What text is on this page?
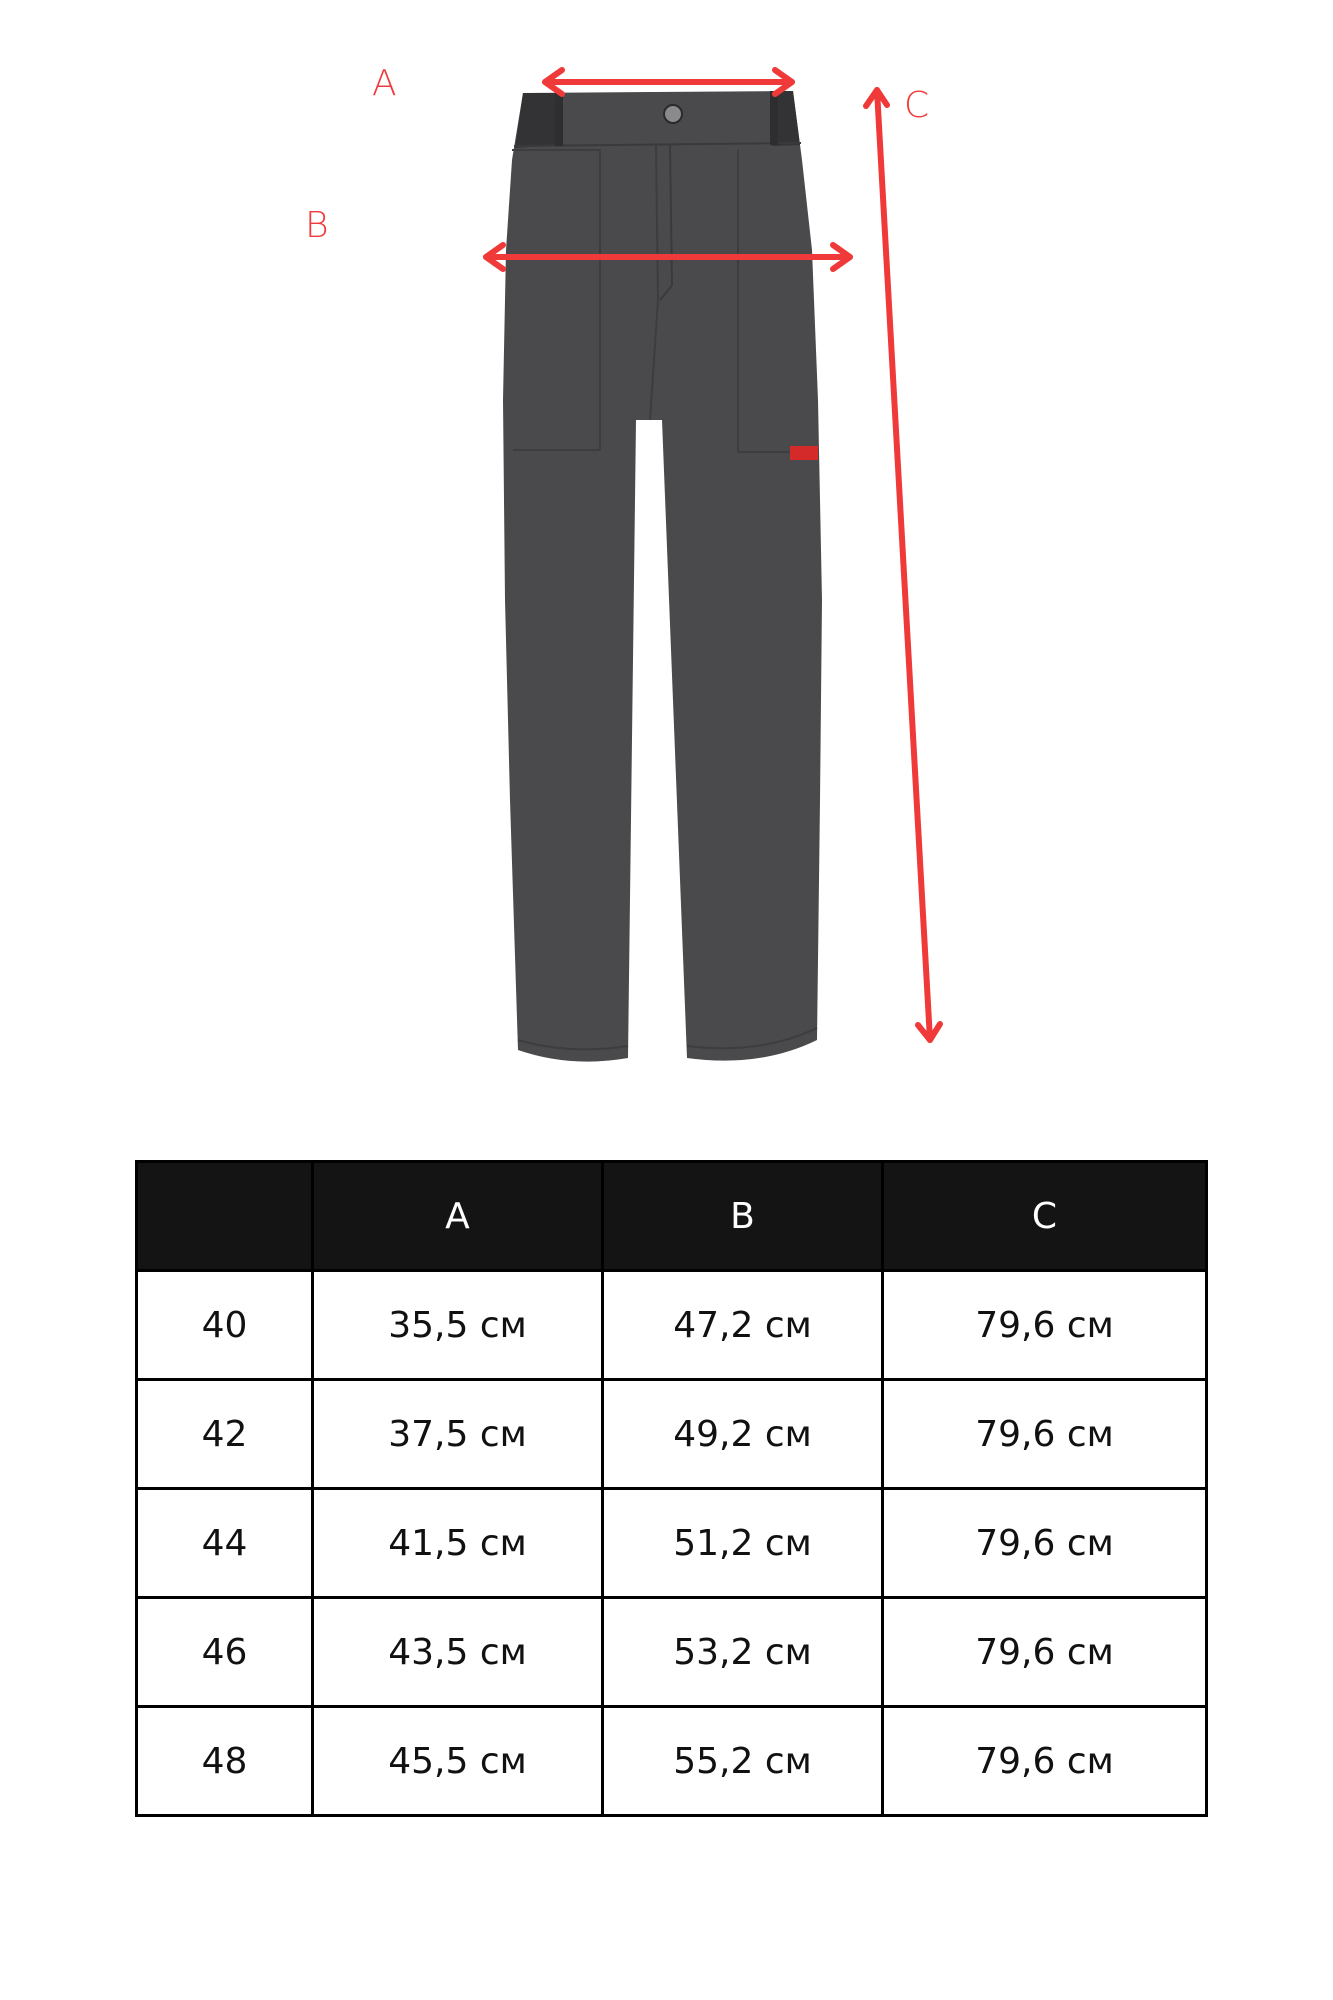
A
B
C
	A	B	C
40	35,5 см	47,2 см	79,6 см
42	37,5 см	49,2 см	79,6 см
44	41,5 см	51,2 см	79,6 см
46	43,5 см	53,2 см	79,6 см
48	45,5 см	55,2 см	79,6 см
